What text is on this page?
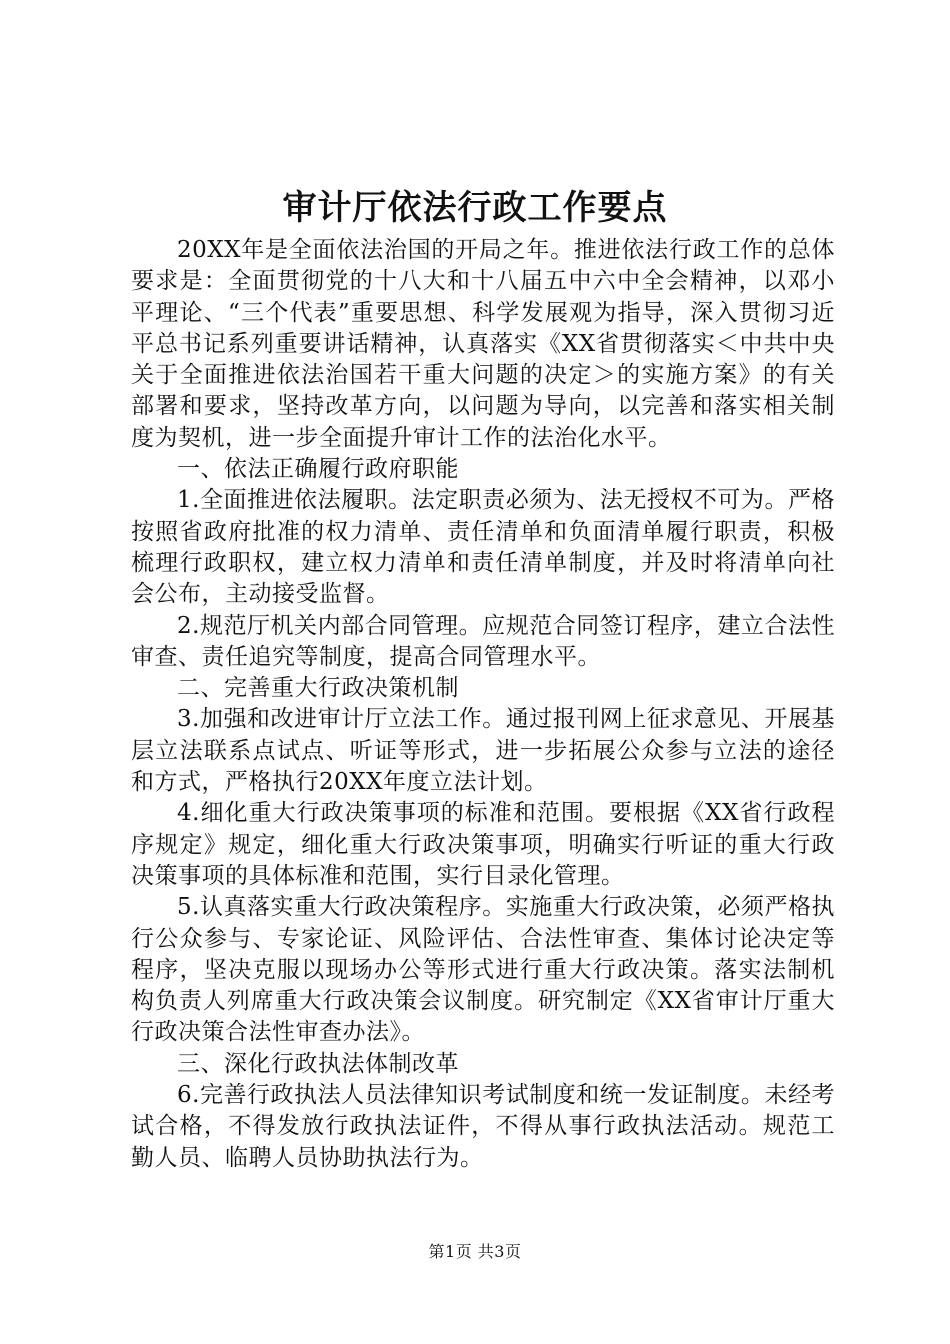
审计厅依法行政工作要点

20XX年是全面依法治国的开局之年。推进依法行政工作的总体要求是：全面贯彻党的十八大和十八届五中六中全会精神，以邓小平理论、“三个代表”重要思想、科学发展观为指导，深入贯彻习近平总书记系列重要讲话精神，认真落实《XX省贯彻落实＜中共中央关于全面推进依法治国若干重大问题的决定＞的实施方案》的有关部署和要求，坚持改革方向，以问题为导向，以完善和落实相关制度为契机，进一步全面提升审计工作的法治化水平。

一、依法正确履行政府职能

1.全面推进依法履职。法定职责必须为、法无授权不可为。严格按照省政府批准的权力清单、责任清单和负面清单履行职责，积极梳理行政职权，建立权力清单和责任清单制度，并及时将清单向社会公布，主动接受监督。

2.规范厅机关内部合同管理。应规范合同签订程序，建立合法性审查、责任追究等制度，提高合同管理水平。

二、完善重大行政决策机制

3.加强和改进审计厅立法工作。通过报刊网上征求意见、开展基层立法联系点试点、听证等形式，进一步拓展公众参与立法的途径和方式，严格执行20XX年度立法计划。

4.细化重大行政决策事项的标准和范围。要根据《XX省行政程序规定》规定，细化重大行政决策事项，明确实行听证的重大行政决策事项的具体标准和范围，实行目录化管理。

5.认真落实重大行政决策程序。实施重大行政决策，必须严格执行公众参与、专家论证、风险评估、合法性审查、集体讨论决定等程序，坚决克服以现场办公等形式进行重大行政决策。落实法制机构负责人列席重大行政决策会议制度。研究制定《XX省审计厅重大行政决策合法性审查办法》。

三、深化行政执法体制改革

6.完善行政执法人员法律知识考试制度和统一发证制度。未经考试合格，不得发放行政执法证件，不得从事行政执法活动。规范工勤人员、临聘人员协助执法行为。

第1页 共3页
